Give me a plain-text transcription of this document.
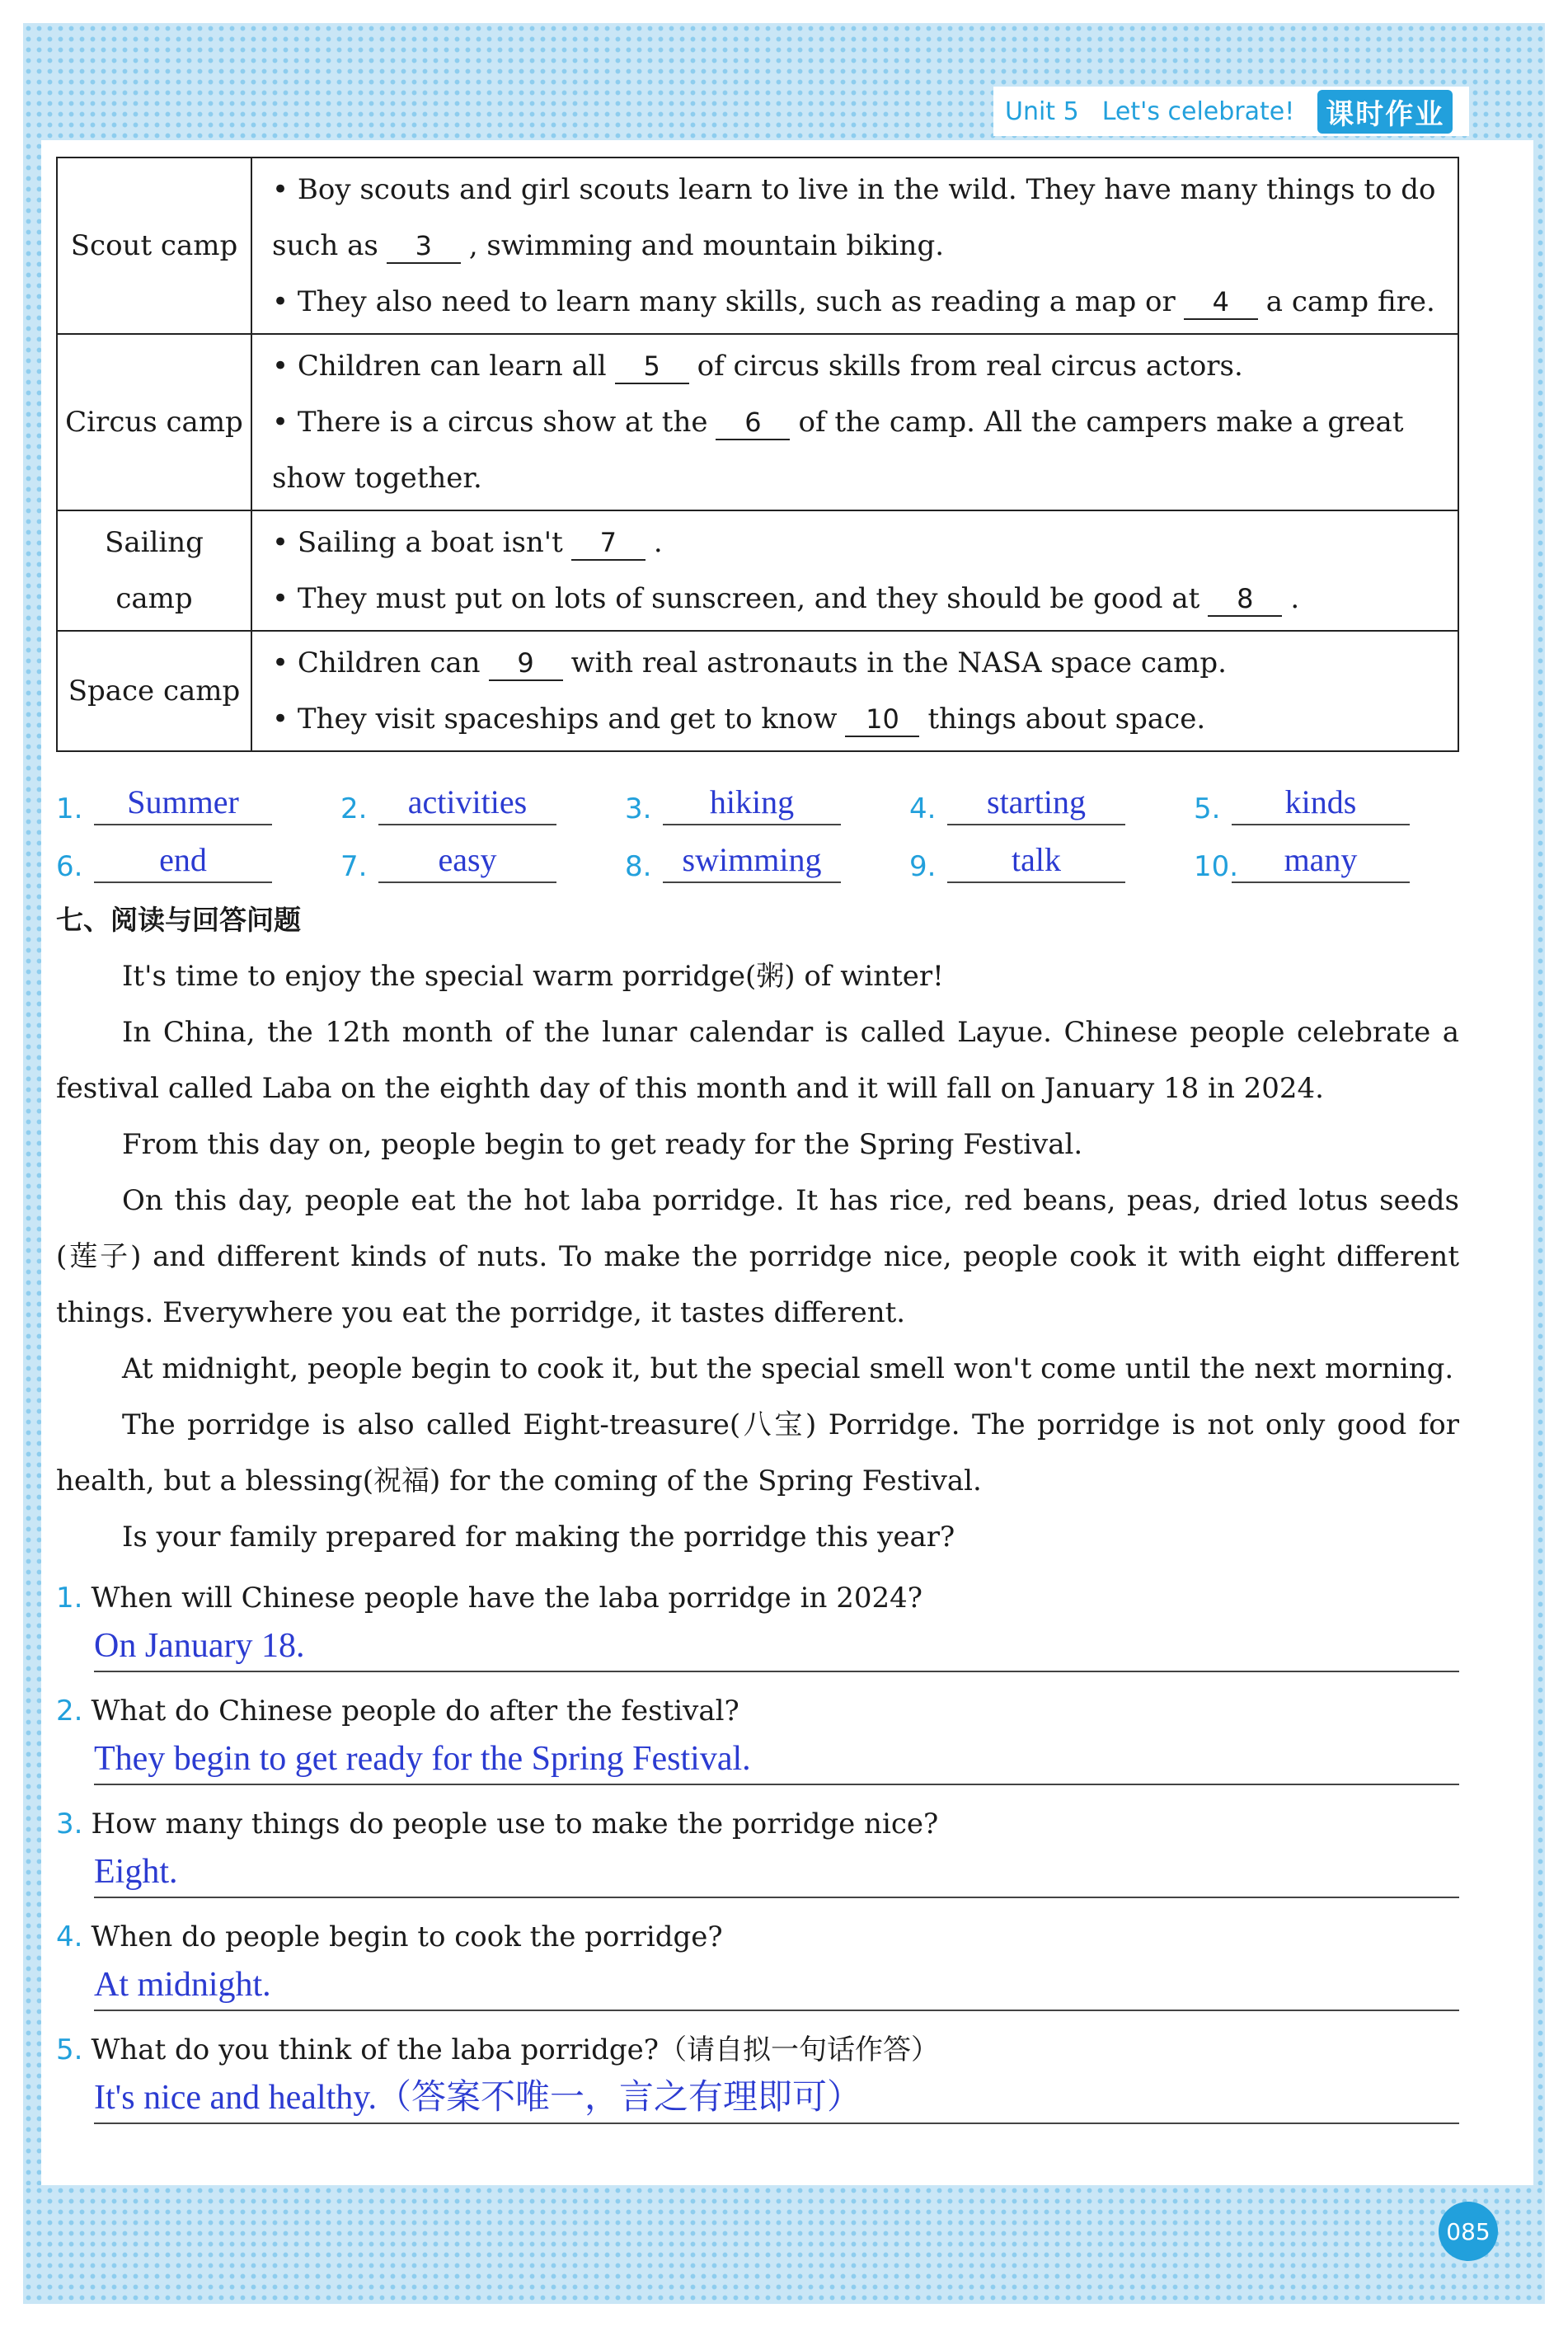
Unit 5 Let's celebrate! 课时作业
Scout camp	• Boy scouts and girl scouts learn to live in the wild. They have many things to do
such as 3 , swimming and mountain biking.
• They also need to learn many skills, such as reading a map or 4 a camp fire.

Circus camp	• Children can learn all 5 of circus skills from real circus actors.
• There is a circus show at the 6 of the camp. All the campers make a great
show together.

Sailing camp	• Sailing a boat isn't 7 .
• They must put on lots of sunscreen, and they should be good at 8 .

Space camp	• Children can 9 with real astronauts in the NASA space camp.
• They visit spaceships and get to know 10 things about space.
1.	Summer	2.	activities	3.	hiking	4.	starting	5.	kinds
6.	end	7.	easy	8. swimming	9.	talk	10.	many
七、阅读与回答问题

It's time to enjoy the special warm porridge(粥) of winter!

In China, the 12th month of the lunar calendar is called Layue. Chinese people celebrate a festival called Laba on the eighth day of this month and it will fall on January 18 in 2024.

From this day on, people begin to get ready for the Spring Festival.

On this day, people eat the hot laba porridge. It has rice, red beans, peas, dried lotus seeds (莲子) and different kinds of nuts. To make the porridge nice, people cook it with eight different things. Everywhere you eat the porridge, it tastes different.

At midnight, people begin to cook it, but the special smell won't come until the next morning.

The porridge is also called Eight-treasure(八宝) Porridge. The porridge is not only good for health, but a blessing(祝福) for the coming of the Spring Festival.

Is your family prepared for making the porridge this year?

1. When will Chinese people have the laba porridge in 2024?
On January 18.
2. What do Chinese people do after the festival?
They begin to get ready for the Spring Festival.
3. How many things do people use to make the porridge nice?
Eight.
4. When do people begin to cook the porridge?
At midnight.
5. What do you think of the laba porridge?（请自拟一句话作答）
It's nice and healthy.（答案不唯一，言之有理即可）
085
